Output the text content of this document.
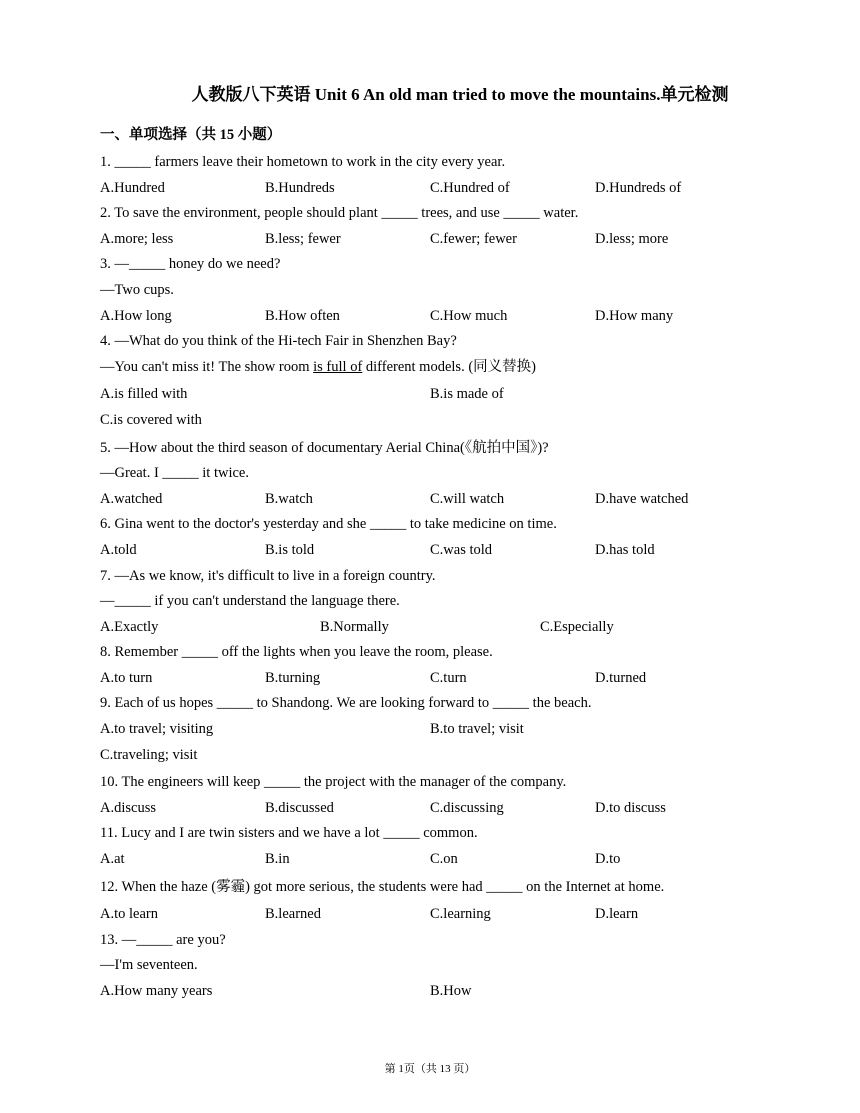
人教版八下英语 Unit 6 An old man tried to move the mountains.单元检测
一、单项选择（共 15 小题）
1. _____ farmers leave their hometown to work in the city every year.
A.Hundred	B.Hundreds	C.Hundred of	D.Hundreds of
2. To save the environment, people should plant _____ trees, and use _____ water.
A.more; less	B.less; fewer	C.fewer; fewer	D.less; more
3. —_____ honey do we need?
—Two cups.
A.How long	B.How often	C.How much	D.How many
4. —What do you think of the Hi-tech Fair in Shenzhen Bay?
—You can't miss it! The show room is full of different models. (同义替换)
A.is filled with	B.is made of
C.is covered with
5. —How about the third season of documentary Aerial China(《航拍中国》)?
—Great. I _____ it twice.
A.watched	B.watch	C.will watch	D.have watched
6. Gina went to the doctor's yesterday and she _____ to take medicine on time.
A.told	B.is told	C.was told	D.has told
7. —As we know, it's difficult to live in a foreign country.
—_____ if you can't understand the language there.
A.Exactly	B.Normally	C.Especially
8. Remember _____ off the lights when you leave the room, please.
A.to turn	B.turning	C.turn	D.turned
9. Each of us hopes _____ to Shandong. We are looking forward to _____ the beach.
A.to travel; visiting	B.to travel; visit
C.traveling; visit
10. The engineers will keep _____ the project with the manager of the company.
A.discuss	B.discussed	C.discussing	D.to discuss
11. Lucy and I are twin sisters and we have a lot _____ common.
A.at	B.in	C.on	D.to
12. When the haze (雾霾) got more serious, the students were had _____ on the Internet at home.
A.to learn	B.learned	C.learning	D.learn
13. —_____ are you?
—I'm seventeen.
A.How many years	B.How
第 1页（共 13 页）
